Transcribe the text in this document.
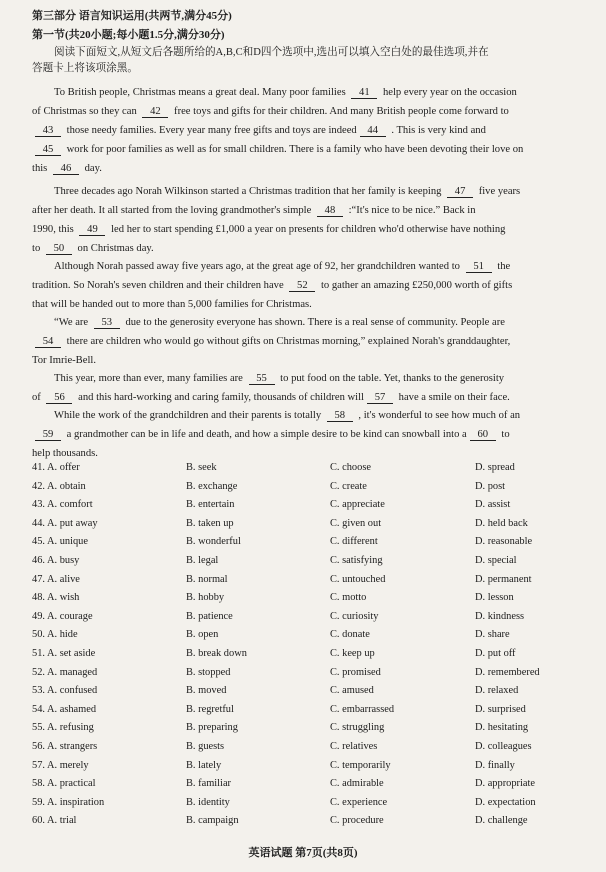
第三部分 语言知识运用(共两节,满分45分)
第一节(共20小题;每小题1.5分,满分30分)
阅读下面短文,从短文后各题所给的A,B,C和D四个选项中,选出可以填入空白处的最佳选项,并在
答题卡上将该项涂黑。
To British people, Christmas means a great deal. Many poor families 41 help every year on the occasion
of Christmas so they can 42 free toys and gifts for their children. And many British people come forward to
43 those needy families. Every year many free gifts and toys are indeed 44 . This is very kind and
45 work for poor families as well as for small children. There is a family who have been devoting their love on
this 46 day.
Three decades ago Norah Wilkinson started a Christmas tradition that her family is keeping 47 five years
after her death. It all started from the loving grandmother's simple 48 :“It's nice to be nice.” Back in
1990, this 49 led her to start spending £1,000 a year on presents for children who'd otherwise have nothing
to 50 on Christmas day.
Although Norah passed away five years ago, at the great age of 92, her grandchildren wanted to 51 the
tradition. So Norah's seven children and their children have 52 to gather an amazing £250,000 worth of gifts
that will be handed out to more than 5,000 families for Christmas.
“We are 53 due to the generosity everyone has shown. There is a real sense of community. People are
54 there are children who would go without gifts on Christmas morning,” explained Norah's granddaughter,
Tor Imrie-Bell.
This year, more than ever, many families are 55 to put food on the table. Yet, thanks to the generosity
of 56 and this hard-working and caring family, thousands of children will 57 have a smile on their face.
While the work of the grandchildren and their parents is totally 58 , it's wonderful to see how much of an
59 a grandmother can be in life and death, and how a simple desire to be kind can snowball into a 60 to
help thousands.
41. A. offer	B. seek	C. choose	D. spread
42. A. obtain	B. exchange	C. create	D. post
43. A. comfort	B. entertain	C. appreciate	D. assist
44. A. put away	B. taken up	C. given out	D. held back
45. A. unique	B. wonderful	C. different	D. reasonable
46. A. busy	B. legal	C. satisfying	D. special
47. A. alive	B. normal	C. untouched	D. permanent
48. A. wish	B. hobby	C. motto	D. lesson
49. A. courage	B. patience	C. curiosity	D. kindness
50. A. hide	B. open	C. donate	D. share
51. A. set aside	B. break down	C. keep up	D. put off
52. A. managed	B. stopped	C. promised	D. remembered
53. A. confused	B. moved	C. amused	D. relaxed
54. A. ashamed	B. regretful	C. embarrassed	D. surprised
55. A. refusing	B. preparing	C. struggling	D. hesitating
56. A. strangers	B. guests	C. relatives	D. colleagues
57. A. merely	B. lately	C. temporarily	D. finally
58. A. practical	B. familiar	C. admirable	D. appropriate
59. A. inspiration	B. identity	C. experience	D. expectation
60. A. trial	B. campaign	C. procedure	D. challenge
英语试题 第7页(共8页)
